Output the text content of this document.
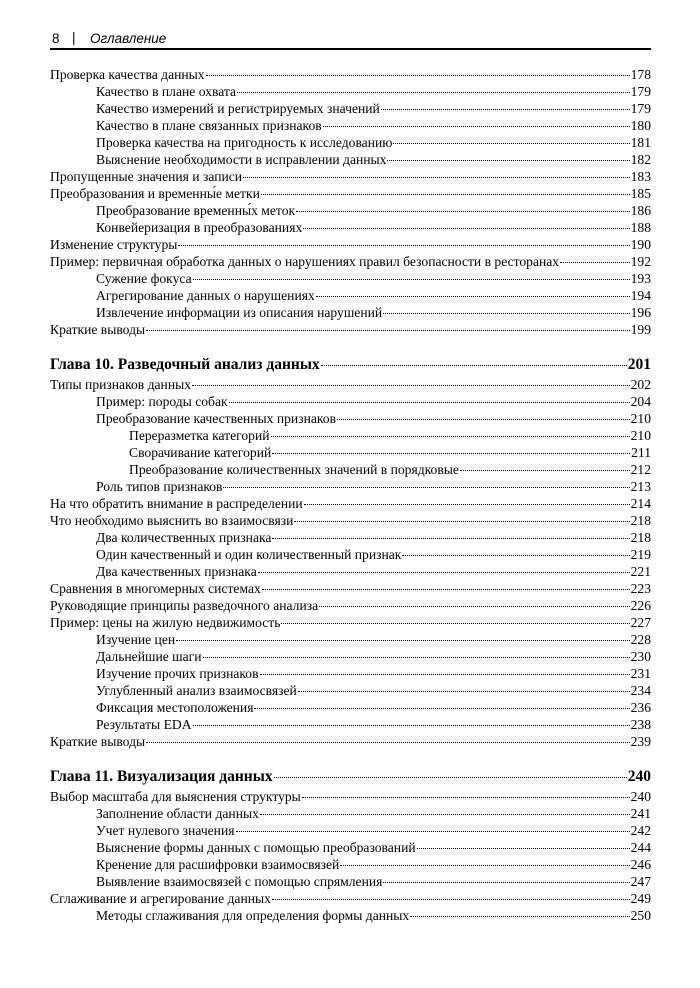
8 | Оглавление
Проверка качества данных	178
Качество в плане охвата	179
Качество измерений и регистрируемых значений	179
Качество в плане связанных признаков	180
Проверка качества на пригодность к исследованию	181
Выяснение необходимости в исправлении данных	182
Пропущенные значения и записи	183
Преобразования и временны́е метки	185
Преобразование временны́х меток	186
Конвейеризация в преобразованиях	188
Изменение структуры	190
Пример: первичная обработка данных о нарушениях правил безопасности в ресторанах	192
Сужение фокуса	193
Агрегирование данных о нарушениях	194
Извлечение информации из описания нарушений	196
Краткие выводы	199
Глава 10. Разведочный анализ данных	201
Типы признаков данных	202
Пример: породы собак	204
Преобразование качественных признаков	210
Переразметка категорий	210
Сворачивание категорий	211
Преобразование количественных значений в порядковые	212
Роль типов признаков	213
На что обратить внимание в распределении	214
Что необходимо выяснить во взаимосвязи	218
Два количественных признака	218
Один качественный и один количественный признак	219
Два качественных признака	221
Сравнения в многомерных системах	223
Руководящие принципы разведочного анализа	226
Пример: цены на жилую недвижимость	227
Изучение цен	228
Дальнейшие шаги	230
Изучение прочих признаков	231
Углубленный анализ взаимосвязей	234
Фиксация местоположения	236
Результаты EDA	238
Краткие выводы	239
Глава 11. Визуализация данных	240
Выбор масштаба для выяснения структуры	240
Заполнение области данных	241
Учет нулевого значения	242
Выяснение формы данных с помощью преобразований	244
Кренение для расшифровки взаимосвязей	246
Выявление взаимосвязей с помощью спрямления	247
Сглаживание и агрегирование данных	249
Методы сглаживания для определения формы данных	250
